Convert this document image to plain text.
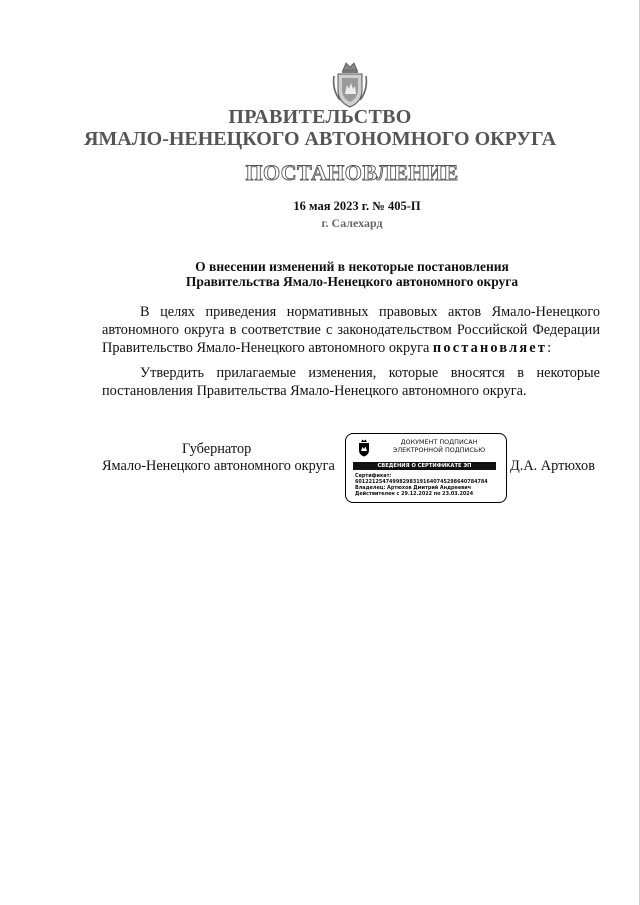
ПРАВИТЕЛЬСТВО
ЯМАЛО-НЕНЕЦКОГО АВТОНОМНОГО ОКРУГА
ПОСТАНОВЛЕНИЕ
16 мая 2023 г. № 405-П
г. Салехард
О внесении изменений в некоторые постановления
Правительства Ямало-Ненецкого автономного округа
В целях приведения нормативных правовых актов Ямало-Ненецкого автономного округа в соответствие с законодательством Российской Федерации Правительство Ямало-Ненецкого автономного округа постановляет:
Утвердить прилагаемые изменения, которые вносятся в некоторые постановления Правительства Ямало-Ненецкого автономного округа.
Губернатор
Ямало-Ненецкого автономного округа	Д.А. Артюхов
ДОКУМЕНТ ПОДПИСАН
ЭЛЕКТРОННОЙ ПОДПИСЬЮ
СВЕДЕНИЯ О СЕРТИФИКАТЕ ЭП
Сертификат:
601221254749982983191640745298640784784
Владелец: Артюхов Дмитрий Андреевич
Действителен с 29.12.2022 по 23.03.2024
